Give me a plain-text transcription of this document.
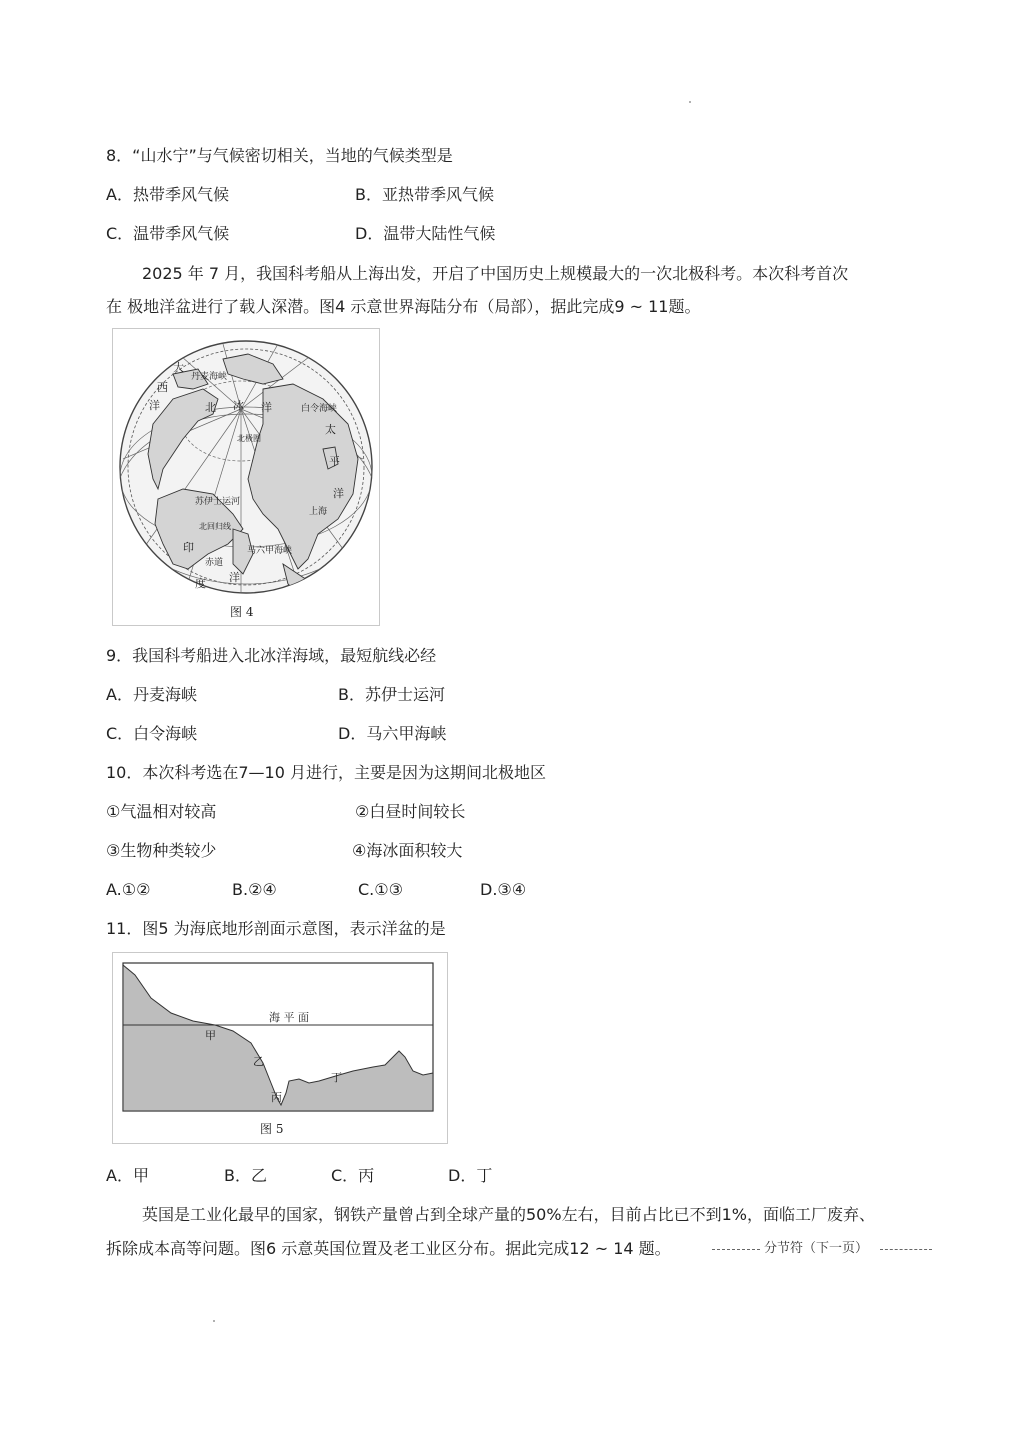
8．“山水宁”与气候密切相关，当地的气候类型是
A．热带季风气候	B．亚热带季风气候
C．温带季风气候	D．温带大陆性气候
2025 年 7 月，我国科考船从上海出发，开启了中国历史上规模最大的一次北极科考。本次科考首次
在 极地洋盆进行了载人深潜。图4 示意世界海陆分布（局部），据此完成9 ~ 11题。
大
西
洋
丹麦海峡
北 冰 洋	白令海峡
北极圈
太
平
洋
苏伊士运河
上海
北回归线
马六甲海峡
印
度
赤道
洋
图 4
9．我国科考船进入北冰洋海域，最短航线必经
A．丹麦海峡	B．苏伊士运河
C．白令海峡	D．马六甲海峡
10．本次科考选在7—10 月进行，主要是因为这期间北极地区
①气温相对较高	②白昼时间较长
③生物种类较少	④海冰面积较大
A.①②	B.②④	C.①③	D.③④
11．图5 为海底地形剖面示意图，表示洋盆的是
海 平 面
甲
乙
丙
丁
图 5
A．甲	B．乙	C．丙	D．丁
英国是工业化最早的国家，钢铁产量曾占到全球产量的50%左右，目前占比已不到1%，面临工厂废弃、
拆除成本高等问题。图6 示意英国位置及老工业区分布。据此完成12 ~ 14 题。	分节符（下一页）
